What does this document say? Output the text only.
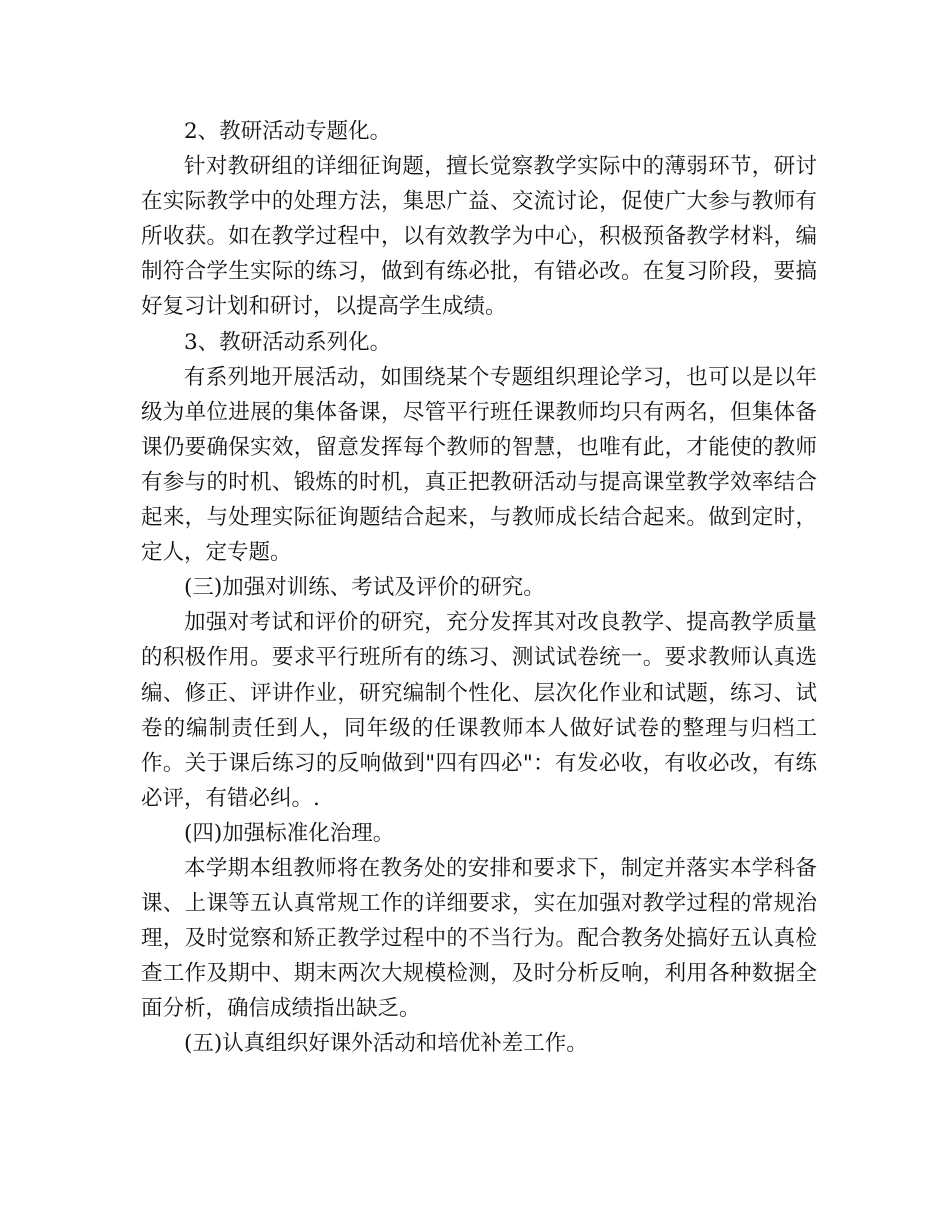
2、教研活动专题化。

针对教研组的详细征询题，擅长觉察教学实际中的薄弱环节，研讨在实际教学中的处理方法，集思广益、交流讨论，促使广大参与教师有所收获。如在教学过程中，以有效教学为中心，积极预备教学材料，编制符合学生实际的练习，做到有练必批，有错必改。在复习阶段，要搞好复习计划和研讨，以提高学生成绩。

3、教研活动系列化。

有系列地开展活动，如围绕某个专题组织理论学习，也可以是以年级为单位进展的集体备课，尽管平行班任课教师均只有两名，但集体备课仍要确保实效，留意发挥每个教师的智慧，也唯有此，才能使的教师有参与的时机、锻炼的时机，真正把教研活动与提高课堂教学效率结合起来，与处理实际征询题结合起来，与教师成长结合起来。做到定时，定人，定专题。

(三)加强对训练、考试及评价的研究。

加强对考试和评价的研究，充分发挥其对改良教学、提高教学质量的积极作用。要求平行班所有的练习、测试试卷统一。要求教师认真选编、修正、评讲作业，研究编制个性化、层次化作业和试题，练习、试卷的编制责任到人，同年级的任课教师本人做好试卷的整理与归档工作。关于课后练习的反响做到"四有四必"：有发必收，有收必改，有练必评，有错必纠。.

(四)加强标准化治理。

本学期本组教师将在教务处的安排和要求下，制定并落实本学科备课、上课等五认真常规工作的详细要求，实在加强对教学过程的常规治理，及时觉察和矫正教学过程中的不当行为。配合教务处搞好五认真检查工作及期中、期末两次大规模检测，及时分析反响，利用各种数据全面分析，确信成绩指出缺乏。

(五)认真组织好课外活动和培优补差工作。
